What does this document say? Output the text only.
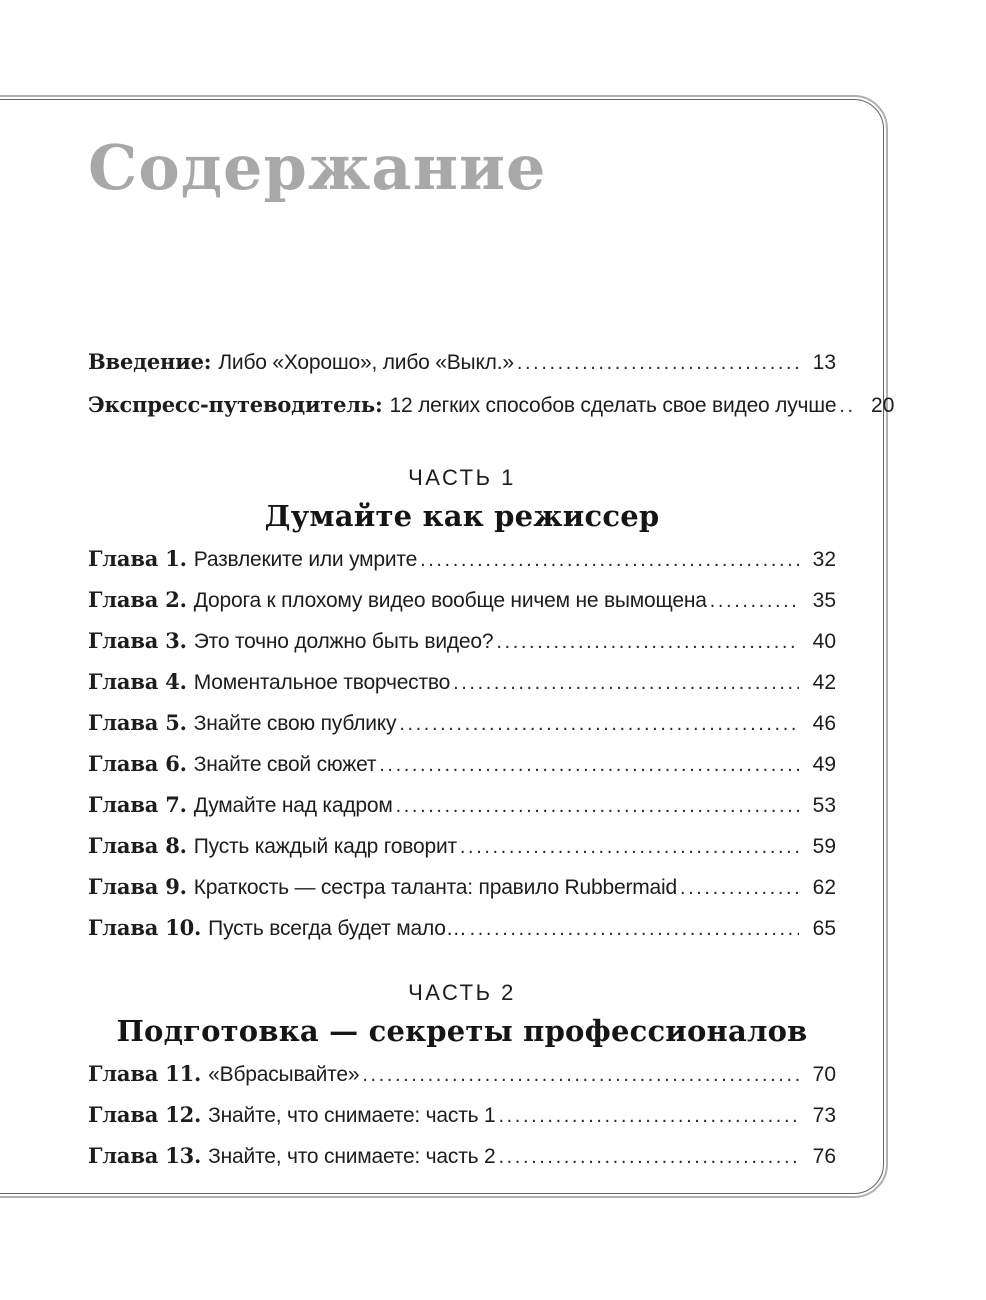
Содержание
Введение: Либо «Хорошо», либо «Выкл.» .....	13
Экспресс-путеводитель: 12 легких способов сделать свое видео лучше .....	20
ЧАСТЬ 1
Думайте как режиссер
Глава 1. Развлеките или умрите .....	32
Глава 2. Дорога к плохому видео вообще ничем не вымощена .....	35
Глава 3. Это точно должно быть видео? .....	40
Глава 4. Моментальное творчество .....	42
Глава 5. Знайте свою публику .....	46
Глава 6. Знайте свой сюжет .....	49
Глава 7. Думайте над кадром .....	53
Глава 8. Пусть каждый кадр говорит .....	59
Глава 9. Краткость — сестра таланта: правило Rubbermaid .....	62
Глава 10. Пусть всегда будет мало… .....	65
ЧАСТЬ 2
Подготовка — секреты профессионалов
Глава 11. «Вбрасывайте» .....	70
Глава 12. Знайте, что снимаете: часть 1 .....	73
Глава 13. Знайте, что снимаете: часть 2 .....	76
